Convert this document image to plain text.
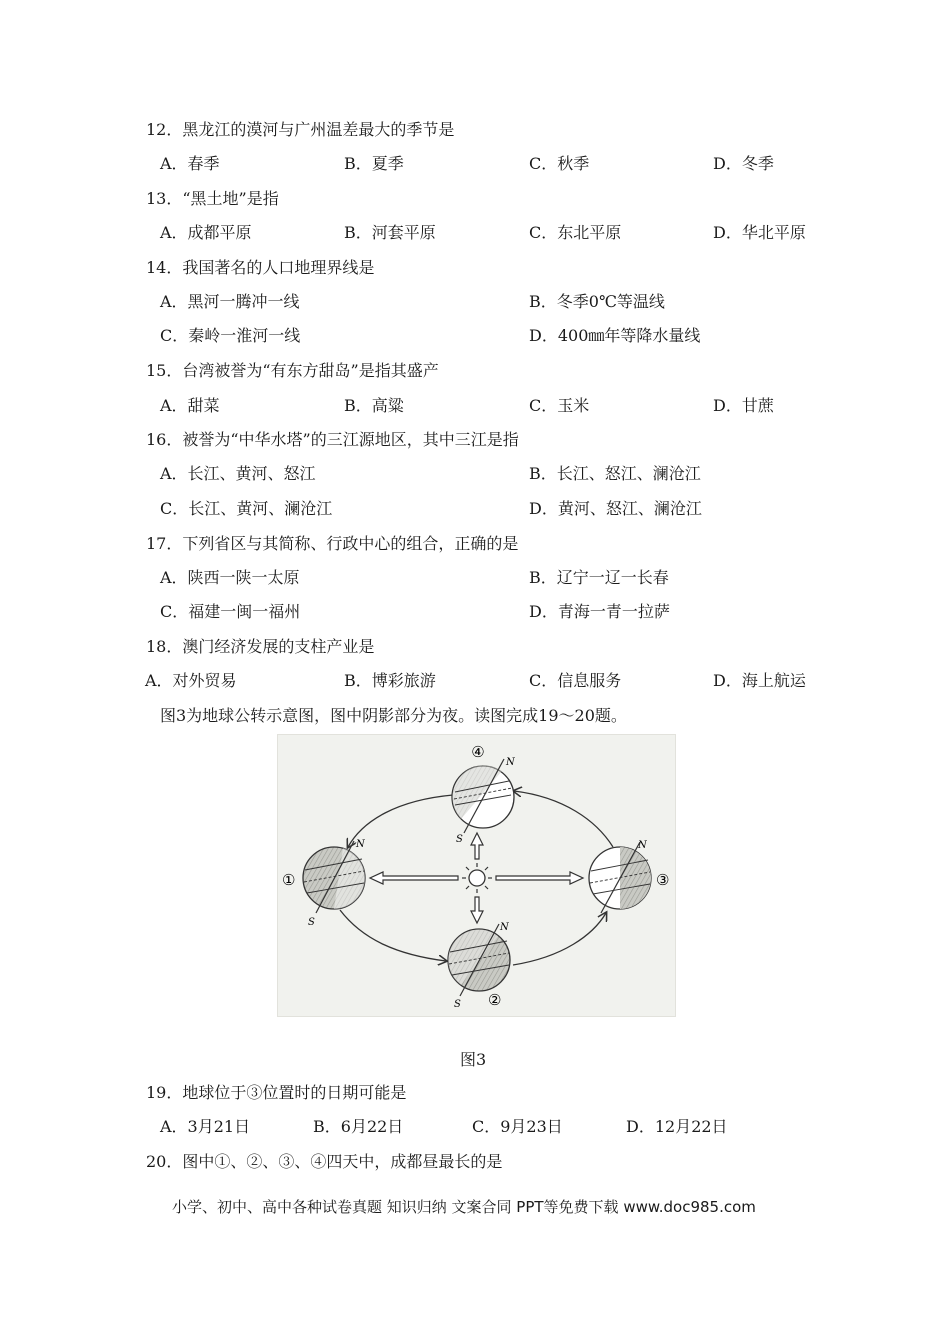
12．黑龙江的漠河与广州温差最大的季节是
A．春季	B．夏季	C．秋季	D．冬季
13．“黑土地”是指
A．成都平原	B．河套平原	C．东北平原	D．华北平原
14．我国著名的人口地理界线是
A．黑河一腾冲一线	B．冬季0℃等温线
C．秦岭一淮河一线	D．400㎜年等降水量线
15．台湾被誉为“有东方甜岛”是指其盛产
A．甜菜	B．高粱	C．玉米	D．甘蔗
16．被誉为“中华水塔”的三江源地区，其中三江是指
A．长江、黄河、怒江	B．长江、怒江、澜沧江
C．长江、黄河、澜沧江	D．黄河、怒江、澜沧江
17．下列省区与其简称、行政中心的组合，正确的是
A．陕西一陕一太原	B．辽宁一辽一长春
C．福建一闽一福州	D．青海一青一拉萨
18．澳门经济发展的支柱产业是
A．对外贸易	B．博彩旅游	C．信息服务	D．海上航运
图3为地球公转示意图，图中阴影部分为夜。读图完成19～20题。
④
N
S
①
N
S
③
N
②
N
S
图3
19．地球位于③位置时的日期可能是
A．3月21日	B．6月22日	C．9月23日	D．12月22日
20．图中①、②、③、④四天中，成都昼最长的是
小学、初中、高中各种试卷真题 知识归纳 文案合同 PPT等免费下载 www.doc985.com
